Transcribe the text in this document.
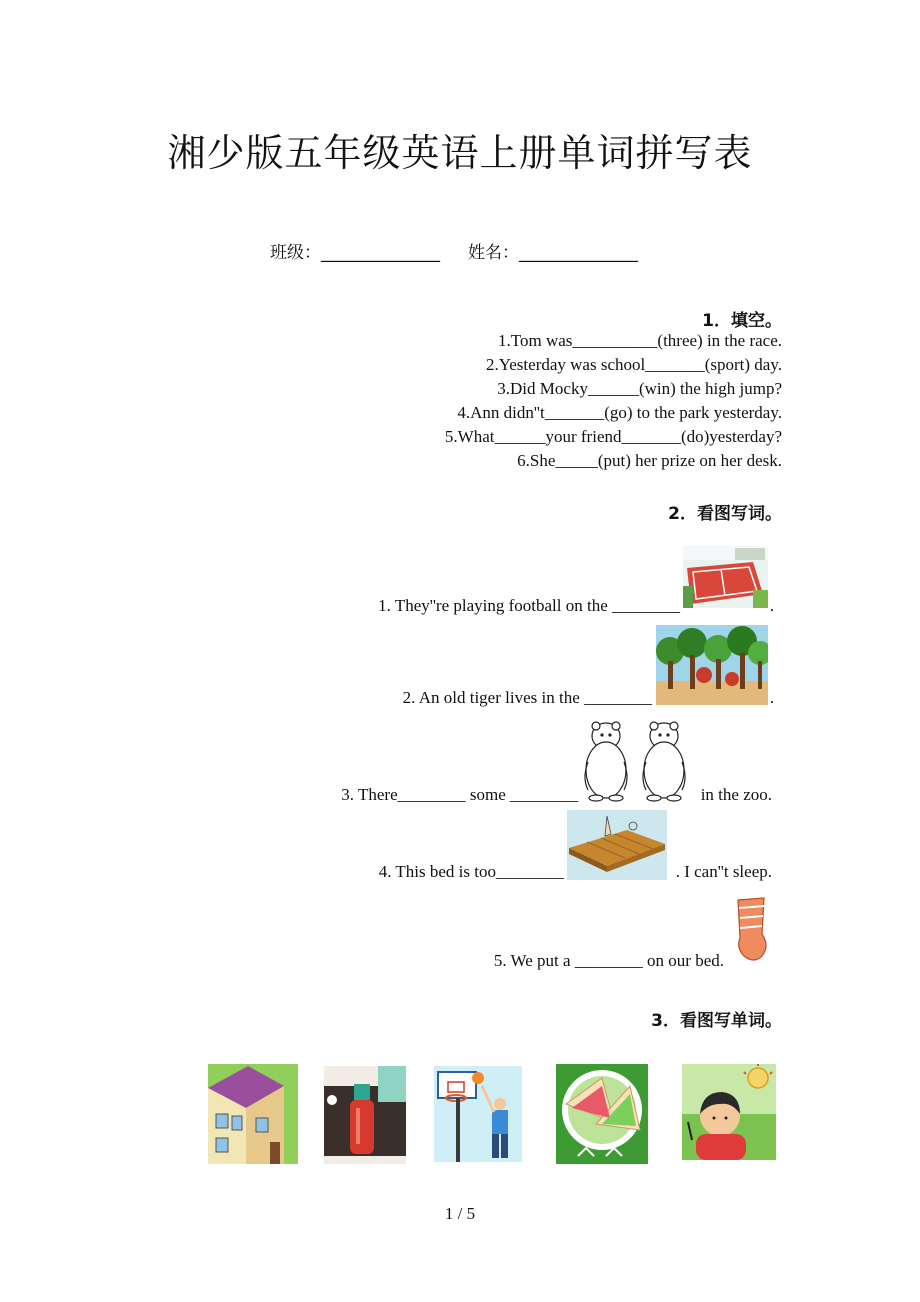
湘少版五年级英语上册单词拼写表
班级：______________ 姓名：______________
1．填空。
1.Tom was__________(three) in the race.
2.Yesterday was school_______(sport) day.
3.Did Mocky______(win) the high jump?
4.Ann didn''t_______(go) to the park yesterday.
5.What______your friend_______(do)yesterday?
6.She_____(put) her prize on her desk.
2．看图写词。
1. They''re playing football on the ________	.
2. An old tiger lives in the ________	.
3. There________ some ________	in the zoo.
4. This bed is too________	. I can''t sleep.
5. We put a ________ on our bed.
3．看图写单词。
1 / 5
